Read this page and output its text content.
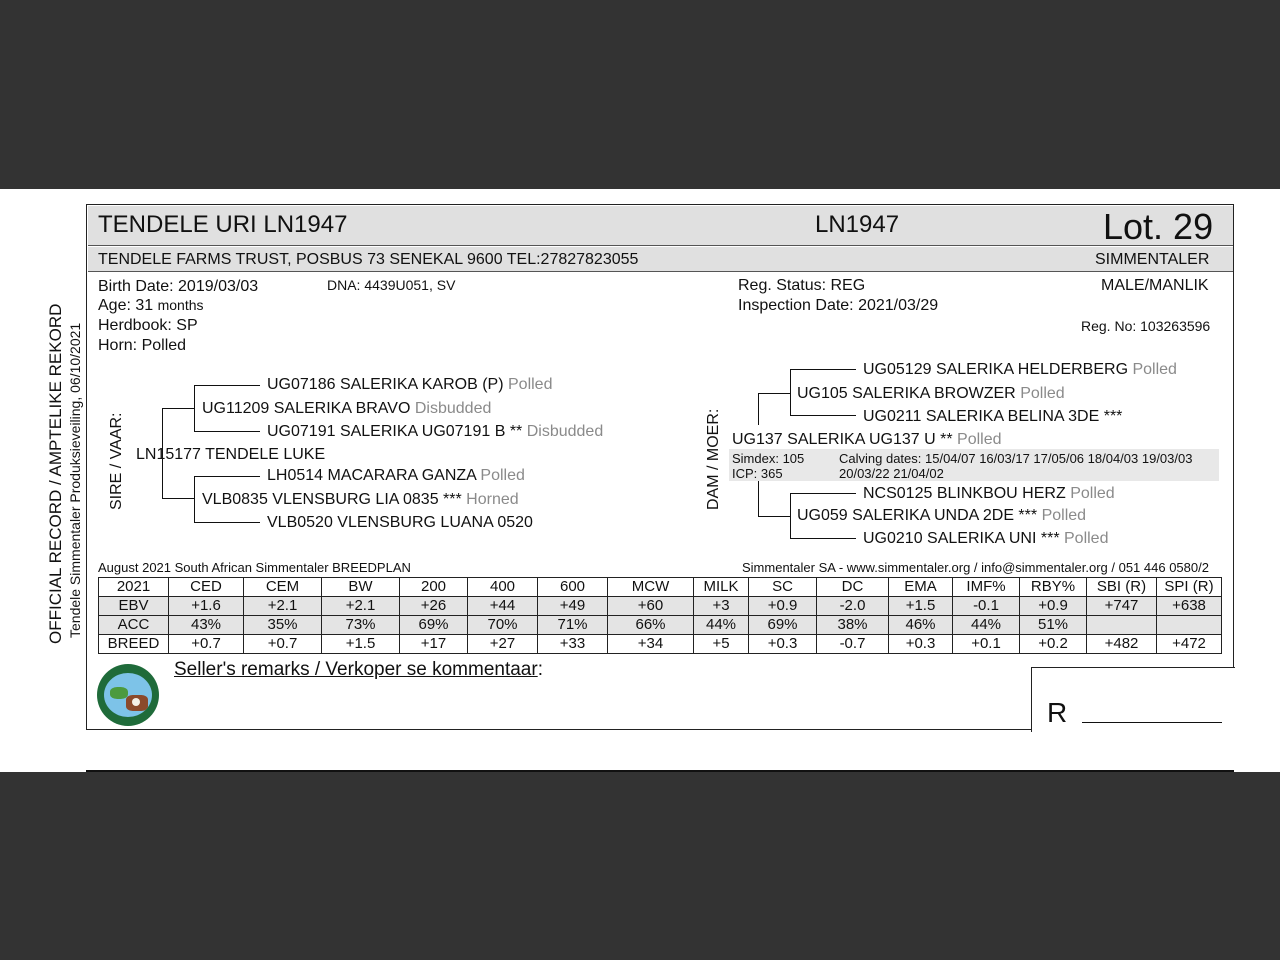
OFFICIAL RECORD / AMPTELIKE REKORD Tendele Simmentaler Produksieveiling, 06/10/2021
TENDELE URI LN1947	LN1947	Lot. 29
TENDELE FARMS TRUST, POSBUS 73 SENEKAL 9600 TEL:27827823055	SIMMENTALER
Birth Date: 2019/03/03	DNA: 4439U051, SV
Age: 31 months
Herdbook: SP
Horn: Polled
Reg. Status: REG
Inspection Date: 2021/03/29
MALE/MANLIK
Reg. No: 103263596
SIRE / VAAR:
UG07186 SALERIKA KAROB (P) Polled
UG11209 SALERIKA BRAVO Disbudded
UG07191 SALERIKA UG07191 B ** Disbudded
LN15177 TENDELE LUKE
LH0514 MACARARA GANZA Polled
VLB0835 VLENSBURG LIA 0835 *** Horned
VLB0520 VLENSBURG LUANA 0520
DAM / MOER:
UG05129 SALERIKA HELDERBERG Polled
UG105 SALERIKA BROWZER Polled
UG0211 SALERIKA BELINA 3DE ***
UG137 SALERIKA UG137 U ** Polled
Simdex: 105
ICP: 365
Calving dates: 15/04/07 16/03/17 17/05/06 18/04/03 19/03/03
20/03/22 21/04/02
NCS0125 BLINKBOU HERZ Polled
UG059 SALERIKA UNDA 2DE *** Polled
UG0210 SALERIKA UNI *** Polled
August 2021 South African Simmentaler BREEDPLAN	Simmentaler SA - www.simmentaler.org / info@simmentaler.org / 051 446 0580/2
2021	CED	CEM	BW	200	400	600	MCW	MILK	SC	DC	EMA	IMF%	RBY%	SBI (R)	SPI (R)
EBV	+1.6	+2.1	+2.1	+26	+44	+49	+60	+3	+0.9	-2.0	+1.5	-0.1	+0.9	+747	+638
ACC	43%	35%	73%	69%	70%	71%	66%	44%	69%	38%	46%	44%	51%		
BREED	+0.7	+0.7	+1.5	+17	+27	+33	+34	+5	+0.3	-0.7	+0.3	+0.1	+0.2	+482	+472
Seller's remarks / Verkoper se kommentaar:
R
